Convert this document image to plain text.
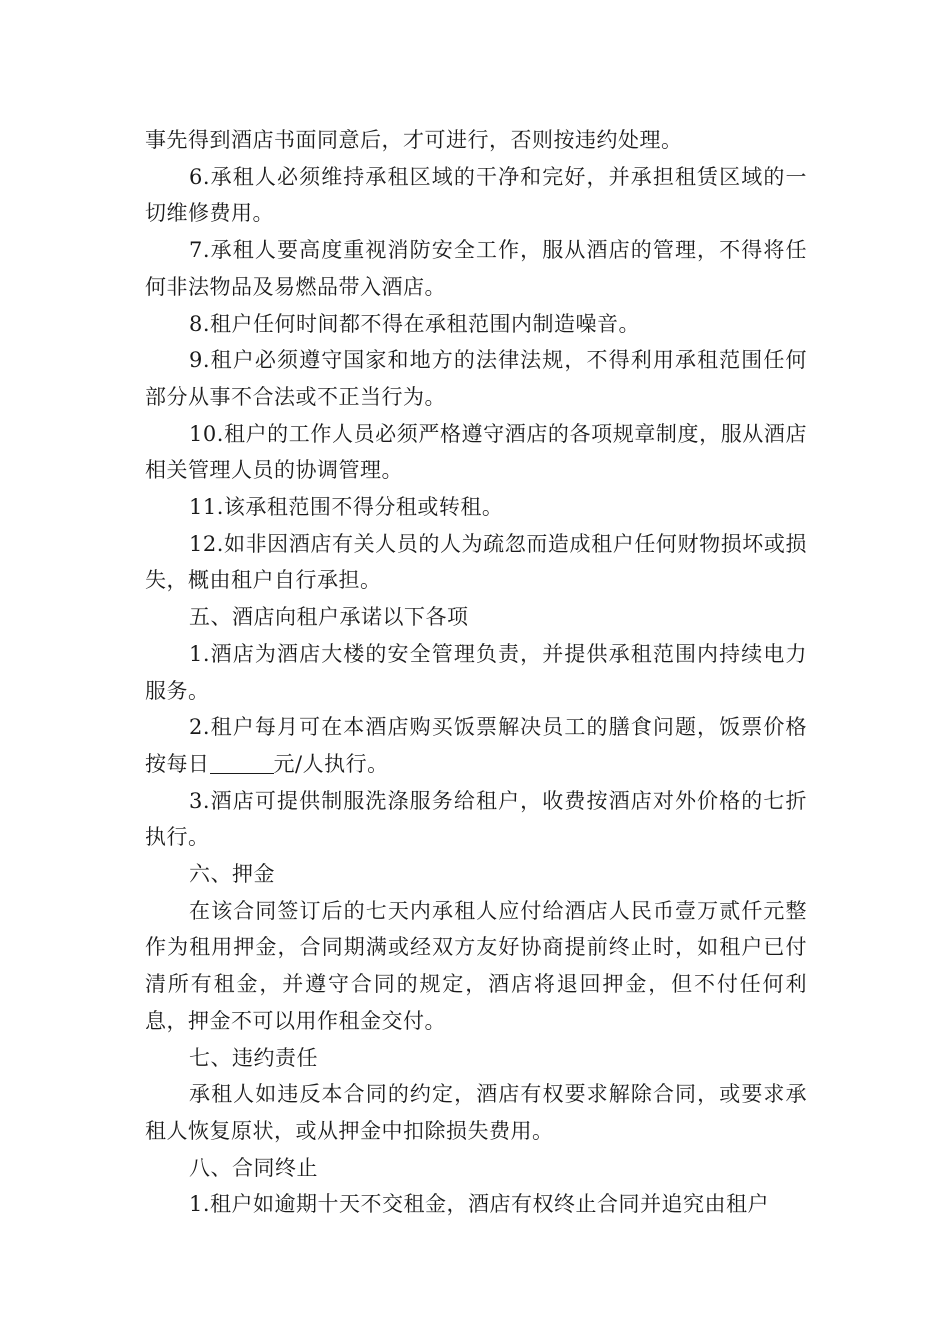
事先得到酒店书面同意后，才可进行，否则按违约处理。

6.承租人必须维持承租区域的干净和完好，并承担租赁区域的一切维修费用。

7.承租人要高度重视消防安全工作，服从酒店的管理，不得将任何非法物品及易燃品带入酒店。

8.租户任何时间都不得在承租范围内制造噪音。

9.租户必须遵守国家和地方的法律法规，不得利用承租范围任何部分从事不合法或不正当行为。

10.租户的工作人员必须严格遵守酒店的各项规章制度，服从酒店相关管理人员的协调管理。

11.该承租范围不得分租或转租。

12.如非因酒店有关人员的人为疏忽而造成租户任何财物损坏或损失，概由租户自行承担。

五、酒店向租户承诺以下各项

1.酒店为酒店大楼的安全管理负责，并提供承租范围内持续电力服务。

2.租户每月可在本酒店购买饭票解决员工的膳食问题，饭票价格按每日	元/人执行。

3.酒店可提供制服洗涤服务给租户，收费按酒店对外价格的七折执行。

六、押金

在该合同签订后的七天内承租人应付给酒店人民币壹万贰仟元整作为租用押金，合同期满或经双方友好协商提前终止时，如租户已付清所有租金，并遵守合同的规定，酒店将退回押金，但不付任何利息，押金不可以用作租金交付。

七、违约责任

承租人如违反本合同的约定，酒店有权要求解除合同，或要求承租人恢复原状，或从押金中扣除损失费用。

八、合同终止

1.租户如逾期十天不交租金，酒店有权终止合同并追究由租户
